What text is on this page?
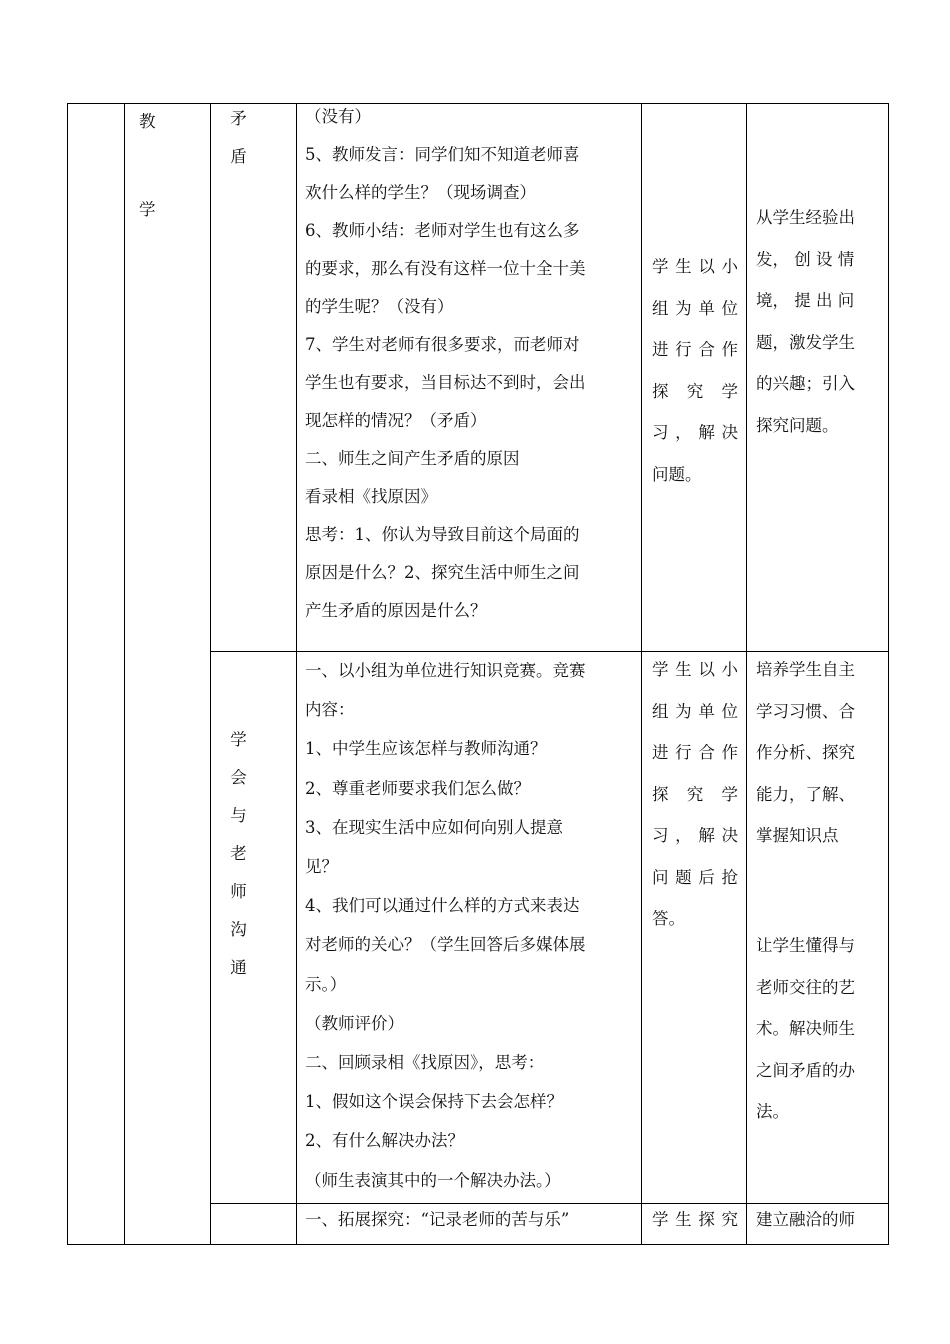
教
学
矛
盾
（没有）
5、教师发言：同学们知不知道老师喜
欢什么样的学生？（现场调查）
6、教师小结：老师对学生也有这么多
的要求，那么有没有这样一位十全十美
的学生呢？（没有）
7、学生对老师有很多要求，而老师对
学生也有要求，当目标达不到时，会出
现怎样的情况？（矛盾）
二、师生之间产生矛盾的原因
看录相《找原因》
思考：1、你认为导致目前这个局面的
原因是什么？2、探究生活中师生之间
产生矛盾的原因是什么？
学生以小
组为单位
进行合作
探 究 学
习，解决
问题。
从学生经验出
发， 创 设 情
境， 提 出 问
题，激发学生
的兴趣；引入
探究问题。
学
会
与
老
师
沟
通
一、以小组为单位进行知识竞赛。竞赛
内容：
1、中学生应该怎样与教师沟通？
2、尊重老师要求我们怎么做？
3、在现实生活中应如何向别人提意
见？
4、我们可以通过什么样的方式来表达
对老师的关心？（学生回答后多媒体展
示。）
（教师评价）
二、回顾录相《找原因》，思考：
1、假如这个误会保持下去会怎样？
2、有什么解决办法？
（师生表演其中的一个解决办法。）
学生以小
组为单位
进行合作
探 究 学
习，解决
问题后抢
答。
培养学生自主
学习习惯、合
作分析、探究
能力，了解、
掌握知识点
让学生懂得与
老师交往的艺
术。解决师生
之间矛盾的办
法。
一、拓展探究：“记录老师的苦与乐”	学生探究 建立融洽的师
